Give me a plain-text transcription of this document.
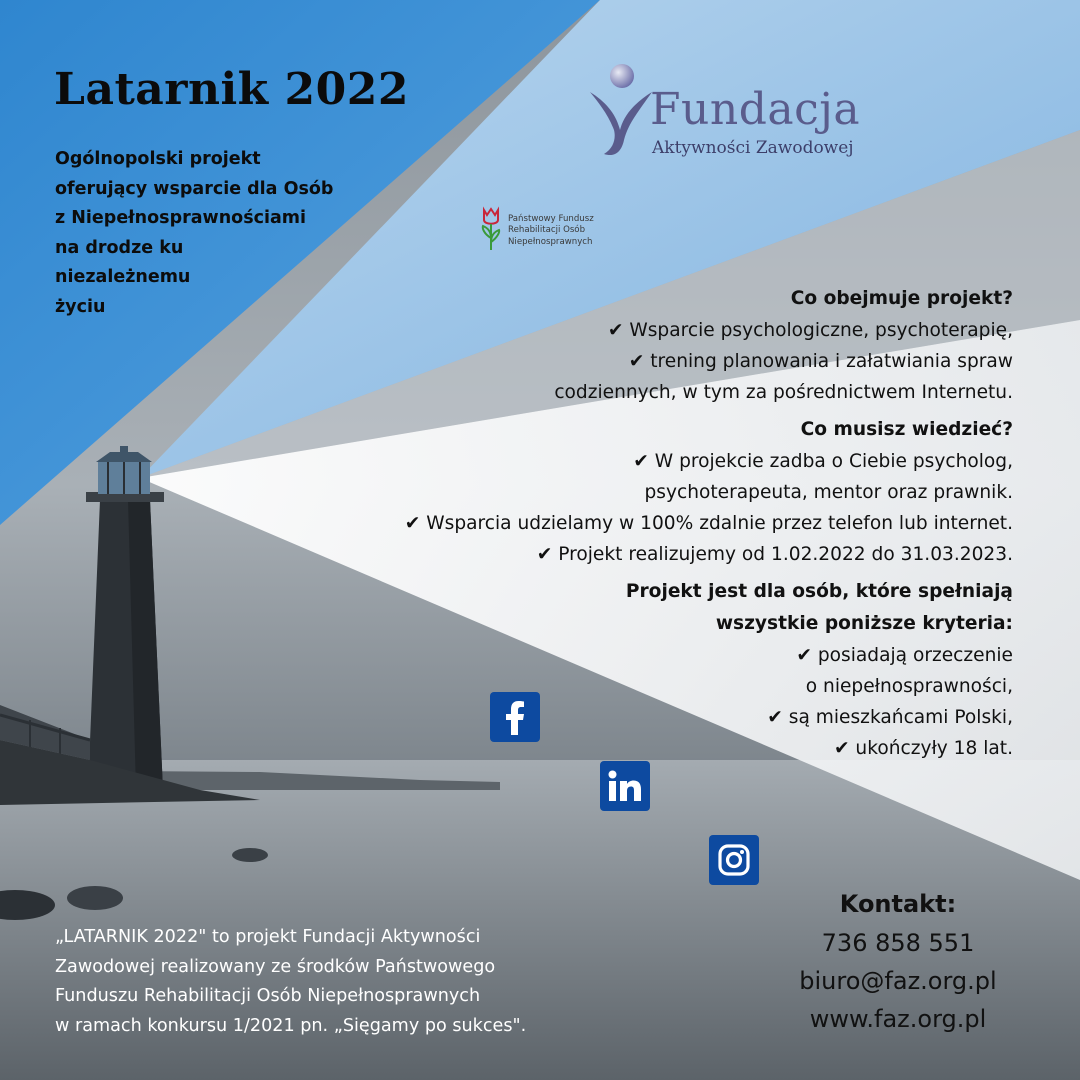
Latarnik 2022
Ogólnopolski projekt
oferujący wsparcie dla Osób
z Niepełnosprawnościami
na drodze ku
niezależnemu
życiu
Fundacja
Aktywności Zawodowej
Państwowy Fundusz
Rehabilitacji Osób
Niepełnosprawnych
Co obejmuje projekt?
✔ Wsparcie psychologiczne, psychoterapię,
✔ trening planowania i załatwiania spraw
codziennych, w tym za pośrednictwem Internetu.
Co musisz wiedzieć?
✔ W projekcie zadba o Ciebie psycholog,
psychoterapeuta, mentor oraz prawnik.
✔ Wsparcia udzielamy w 100% zdalnie przez telefon lub internet.
✔ Projekt realizujemy od 1.02.2022 do 31.03.2023.
Projekt jest dla osób, które spełniają
wszystkie poniższe kryteria:
✔ posiadają orzeczenie
o niepełnosprawności,
✔ są mieszkańcami Polski,
✔ ukończyły 18 lat.
Kontakt:
736 858 551
biuro@faz.org.pl
www.faz.org.pl
„LATARNIK 2022" to projekt Fundacji Aktywności
Zawodowej realizowany ze środków Państwowego
Funduszu Rehabilitacji Osób Niepełnosprawnych
w ramach konkursu 1/2021 pn. „Sięgamy po sukces".
